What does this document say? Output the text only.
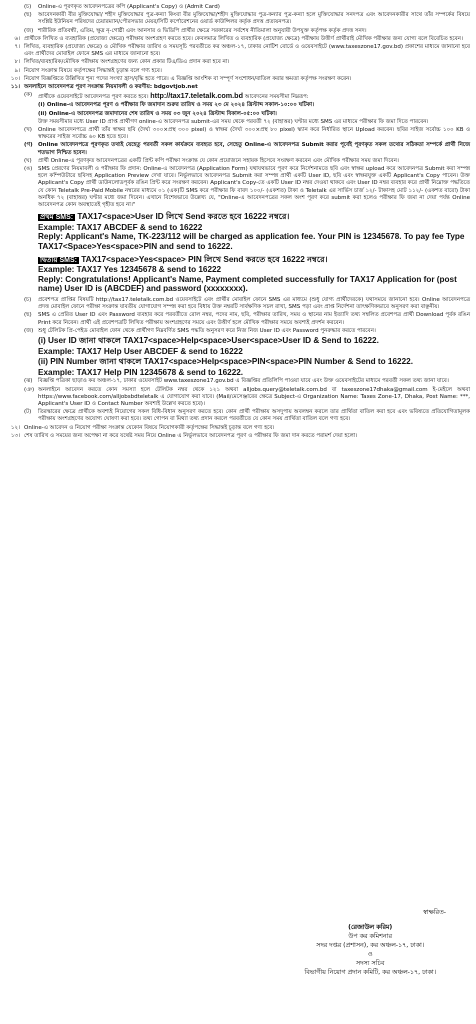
(চ)	Online-এ পূরণকৃত আবেদনপত্রের কপি (Applicant's Copy) ও (Admit Card)
(ছ)	আবেদনকারী বীর মুক্তিযোদ্ধা/ শহীদ মুক্তিযোদ্ধার পুত্র-কন্যা কিংবা বীর মুক্তিযোদ্ধা/শহীদ মুক্তিযোদ্ধার পুত্র-কন্যার পুত্র-কন্যা হলে মুক্তিযোদ্ধার সনদপত্র এবং আবেদনকারীর সাথে তাঁর সম্পর্কের বিষয়ে সংশ্লিষ্ট ইউনিয়ন পরিষদের চেয়ারম্যান/পৌরসভার মেয়র/সিটি কর্পোরেশনের ওয়ার্ড কাউন্সিলর কর্তৃক প্রদত্ত প্রত্যয়নপত্র।
(জ) শারীরিক প্রতিবন্ধী, এতিম, ক্ষুদ্র নৃ-গোষ্ঠী এবং আনসার ও ভিডিপি প্রার্থীর ক্ষেত্রে সরকারের সর্বশেষ নীতিমালা অনুযায়ী উপযুক্ত কর্তৃপক্ষ কর্তৃক প্রদত্ত সনদ।
৬। প্রার্থীকে লিখিত ও ব্যবহারিক (প্রযোজ্য ক্ষেত্রে) পরীক্ষায় অংশগ্রহণ করতে হবে। কেবলমাত্র লিখিত ও ব্যবহারিক (প্রযোজ্য ক্ষেত্রে) পরীক্ষায় উত্তীর্ণ প্রার্থীরাই মৌখিক পরীক্ষার জন্য যোগ্য বলে বিবেচিত হবেন।
৭। লিখিত, ব্যবহারিক (প্রযোজ্য ক্ষেত্রে) ও মৌখিক পরীক্ষার তারিখ ও সময়সূচি পরবর্তীতে কর অঞ্চল-১৭, ঢাকার নোটিশ বোর্ডে ও ওয়েবসাইটে (www.taxeszone17.gov.bd) প্রকাশের মাধ্যমে জানানো হবে এবং প্রার্থীদের মোবাইল ফোনে SMS এর মাধ্যমে জানানো হবে।
৮। লিখিত/ব্যবহারিক/মৌখিক পরীক্ষায় অংশগ্রহণের জন্য কোন প্রকার টিএ/ডিএ প্রদান করা হবে না।
৯। নিয়োগ সংক্রান্ত বিষয়ে কর্তৃপক্ষের সিদ্ধান্তই চূড়ান্ত বলে গণ্য হবে।
১০। নিয়োগ বিজ্ঞপ্তিতে উল্লিখিত শূন্য পদের সংখ্যা হ্রাস/বৃদ্ধি হতে পারে। এ বিজ্ঞপ্তি আংশিক বা সম্পূর্ণ সংশোধন/বাতিল করার ক্ষমতা কর্তৃপক্ষ সংরক্ষণ করেন।
১১। অনলাইনে আবেদনপত্র পূরণ সংক্রান্ত নিয়মাবলী ও করণীয়: bdgovtjob.net
(ক)	প্রার্থীকে ওয়েবসাইটে আবেদনপত্র পূরণ করতে হবে। http://tax17.teletalk.com.bd আবেদনের সময়সীমা নিম্নরূপ:
(i) Online-এ আবেদনপত্র পূরণ ও পরীক্ষার ফি জমাদান শুরুর তারিখ ও সময় ২৩ মে ২০২৪ খ্রিস্টাব্দ সকাল-১০:০০ ঘটিকা।
(ii) Online-এ আবেদনপত্র জমাদানের শেষ তারিখ ও সময় ০৩ জুন ২০২৪ খ্রিস্টাব্দ বিকাল-০৫:০০ ঘটিকা।
উক্ত সময়সীমার মধ্যে User ID প্রাপ্ত প্রার্থীগণ online-এ আবেদনপত্র submit-এর সময় থেকে পরবর্তী ৭২ (বাহাত্তর) ঘণ্টার মধ্যে SMS এর মাধ্যমে পরীক্ষার ফি জমা দিতে পারবেন।
(খ)	Online আবেদনপত্রে প্রার্থী তাঁর স্বাক্ষর ছবি (দৈর্ঘ্য ৩০০×প্রস্থ ৩০০ pixel) ও স্বাক্ষর (দৈর্ঘ্য ৩০০×প্রস্থ ৮০ pixel) স্ক্যান করে নির্ধারিত স্থানে Upload করবেন। ছবির সাইজ সর্বোচ্চ ১০০ KB ও স্বাক্ষরের সাইজ সর্বোচ্চ ৬০ KB হতে হবে।
(গ) Online আবেদনপত্রে পূরণকৃত তথ্যই যেহেতু পরবর্তী সকল কার্যক্রমে ব্যবহৃত হবে, সেহেতু Online-এ আবেদনপত্র Submit করার পূর্বেই পূরণকৃত সকল তথ্যের সঠিকতা সম্পর্কে প্রার্থী নিজে শতভাগ নিশ্চিত হবেন।
(ঘ)	প্রার্থী Online-এ পূরণকৃত আবেদনপত্রের একটি প্রিন্ট কপি পরীক্ষা সংক্রান্ত যে কোন প্রয়োজনে সহায়ক হিসেবে সংরক্ষণ করবেন এবং মৌখিক পরীক্ষার সময় জমা দিবেন।
(ঙ)	SMS প্রেরণের নিয়মাবলী ও পরীক্ষার ফি প্রদান: Online-এ আবেদনপত্র (Application Form) যথাযথভাবে পূরণ করে নির্দেশনামতে ছবি এবং স্বাক্ষর upload করে আবেদনপত্র Submit করা সম্পন্ন হলে কম্পিউটারে ছবিসহ Application Preview দেখা যাবে। নির্ভুলভাবে আবেদনপত্র Submit করা সম্পন্ন প্রার্থী একটি User ID, ছবি এবং স্বাক্ষরযুক্ত একটি Applicant's Copy পাবেন। উক্ত Applicant's Copy প্রার্থী ডাউনলোডপূর্বক রঙিন প্রিন্ট করে সংরক্ষণ করবেন। Applicant's Copy-তে একটি User ID নম্বর দেওয়া থাকবে এবং User ID নম্বর ব্যবহার করে প্রার্থী নিম্নোক্ত পদ্ধতিতে যে কোন Teletalk Pre-Paid Mobile নম্বরের মাধ্যমে ০১ (এক)টি SMS করে পরীক্ষার ফি বাবদ ১০০/- (একশত) টাকা ও Teletalk এর সার্ভিস চার্জ ১২/- টাকাসহ মোট ১১২/- (একশত বারো) টাকা অনধিক ৭২ (বাহাত্তর) ঘণ্টার মধ্যে জমা দিবেন। এখানে বিশেষভাবে উল্লেখ্য যে, "Online-এ আবেদনপত্রের সকল অংশ পূরণ করে submit করা হলেও পরীক্ষার ফি জমা না দেয়া পর্যন্ত Online আবেদনপত্র কোন অবস্থাতেই গৃহীত হবে না।"
প্রথম SMS: TAX17<space>User ID লিখে Send করতে হবে 16222 নম্বরে।
Example: TAX17 ABCDEF & send to 16222
Reply: Applicant's Name, TK-223/112 will be charged as application fee. Your PIN is 12345678. To pay fee Type TAX17<Space>Yes<space>PIN and send to 16222.
দ্বিতীয় SMS: TAX17<space>Yes<space> PIN লিখে Send করতে হবে 16222 নম্বরে।
Example: TAX17 Yes 12345678 & send to 16222
Reply: Congratulations! Applicant's Name, Payment completed successfully for TAX17 Application for (post name) User ID is (ABCDEF) and password (xxxxxxxx).
(চ)	প্রবেশপত্র প্রাপ্তির বিষয়টি http://tax17.teletalk.com.bd ওয়েবসাইটে এবং প্রার্থীর মোবাইল ফোনে SMS এর মাধ্যমে (শুধু যোগ্য প্রার্থীদেরকে) যথাসময়ে জানানো হবে। Online আবেদনপত্রে প্রদত্ত মোবাইল ফোনে পরীক্ষা সংক্রান্ত যাবতীয় যোগাযোগ সম্পন্ন করা হবে বিধায় উক্ত নম্বরটি সার্বক্ষণিক সচল রাখা, SMS পড়া এবং প্রাপ্ত নির্দেশনা তাৎক্ষণিকভাবে অনুসরণ করা বাঞ্ছনীয়।
(ছ)	SMS এ প্রেরিত User ID এবং Password ব্যবহার করে পরবর্তীতে রোল নম্বর, পদের নাম, ছবি, পরীক্ষার তারিখ, সময় ও স্থানের নাম ইত্যাদি তথ্য সম্বলিত প্রবেশপত্র প্রার্থী Download পূর্বক রঙিন Print করে নিবেন। প্রার্থী এই প্রবেশপত্রটি লিখিত পরীক্ষায় অংশগ্রহণের সময়ে এবং উত্তীর্ণ হলে মৌখিক পরীক্ষার সময়ে অবশ্যই প্রদর্শন করবেন।
(জ) শুধু টেলিটক প্রি-পেইড মোবাইল ফোন থেকে প্রার্থীগণ নিম্নবর্ণিত SMS পদ্ধতি অনুসরণ করে নিজ নিজ User ID এবং Password পুনরুদ্ধার করতে পারবেন।
(i) User ID জানা থাকলে TAX17<space>Help<space>User<space>User ID & Send to 16222.
Example: TAX17 Help User ABCDEF & send to 16222
(ii) PIN Number জানা থাকলে TAX17<space>Help<space>PIN<space>PIN Number & Send to 16222.
Example: TAX17 Help PIN 12345678 & send to 16222.
(ঝ)	বিজ্ঞপ্তি পত্রিকা ছাড়াও কর অঞ্চল-১৭, ঢাকার ওয়েবসাইট www.taxeszone17.gov.bd এ বিজ্ঞপ্তির প্রতিলিপি পাওয়া যাবে এবং উক্ত ওয়েবসাইটের মাধ্যমে পরবর্তী সকল তথ্য জানা যাবে।
(ঞ) অনলাইনে আবেদন করতে কোন সমস্যা হলে টেলিটক নম্বর থেকে ১২১ অথবা alljobs.query@teletalk.com.bd বা taxeszone17dhaka@gmail.com ই-মেইলে অথবা https://www.facebook.com/alljobsbdteletalk এ যোগাযোগ করা যাবে। (Mail/মেসেঞ্জারের ক্ষেত্রে Subject-এ Organization Name: Taxes Zone-17, Dhaka, Post Name: ***, Applicant's User ID ও Contact Number অবশ্যই উল্লেখ করতে হবে)।
(ট)	তিরস্কারের ক্ষেত্রে প্রার্থীকে অবশ্যই নিয়োগের সকল বিধি-বিধান অনুসরণ করতে হবে। কোন প্রার্থী পরীক্ষায় অসদুপায় অবলম্বন করলে তার প্রার্থিতা বাতিল করা হবে এবং ভবিষ্যতে প্রতিযোগিতামূলক পরীক্ষায় অংশগ্রহণের অযোগ্য ঘোষণা করা হবে। তথ্য গোপন বা মিথ্যা তথ্য প্রদান করলে পরবর্তীতে যে কোন সময় প্রার্থিতা বাতিল বলে গণ্য হবে।
১২। Online-এ আবেদন ও নিয়োগ পরীক্ষা সংক্রান্ত যেকোন বিষয়ে নিয়োগকারী কর্তৃপক্ষের সিদ্ধান্তই চূড়ান্ত বলে গণ্য হবে।
১৩। শেষ তারিখ ও সময়ের জন্য অপেক্ষা না করে যথেষ্ট সময় নিয়ে Online এ নির্ভুলভাবে আবেদনপত্র পূরণ ও পরীক্ষার ফি জমা দান করতে পরামর্শ দেয়া হলো।
স্বাক্ষরিত-
(রেজাউল করিম)
উপ কর কমিশনার
সদর দপ্তর (প্রশাসন), কর অঞ্চল-১৭, ঢাকা।
ও
সদস্য সচিব
বিভাগীয় নিয়োগ প্রদান কমিটি, কর অঞ্চল-১৭, ঢাকা।
